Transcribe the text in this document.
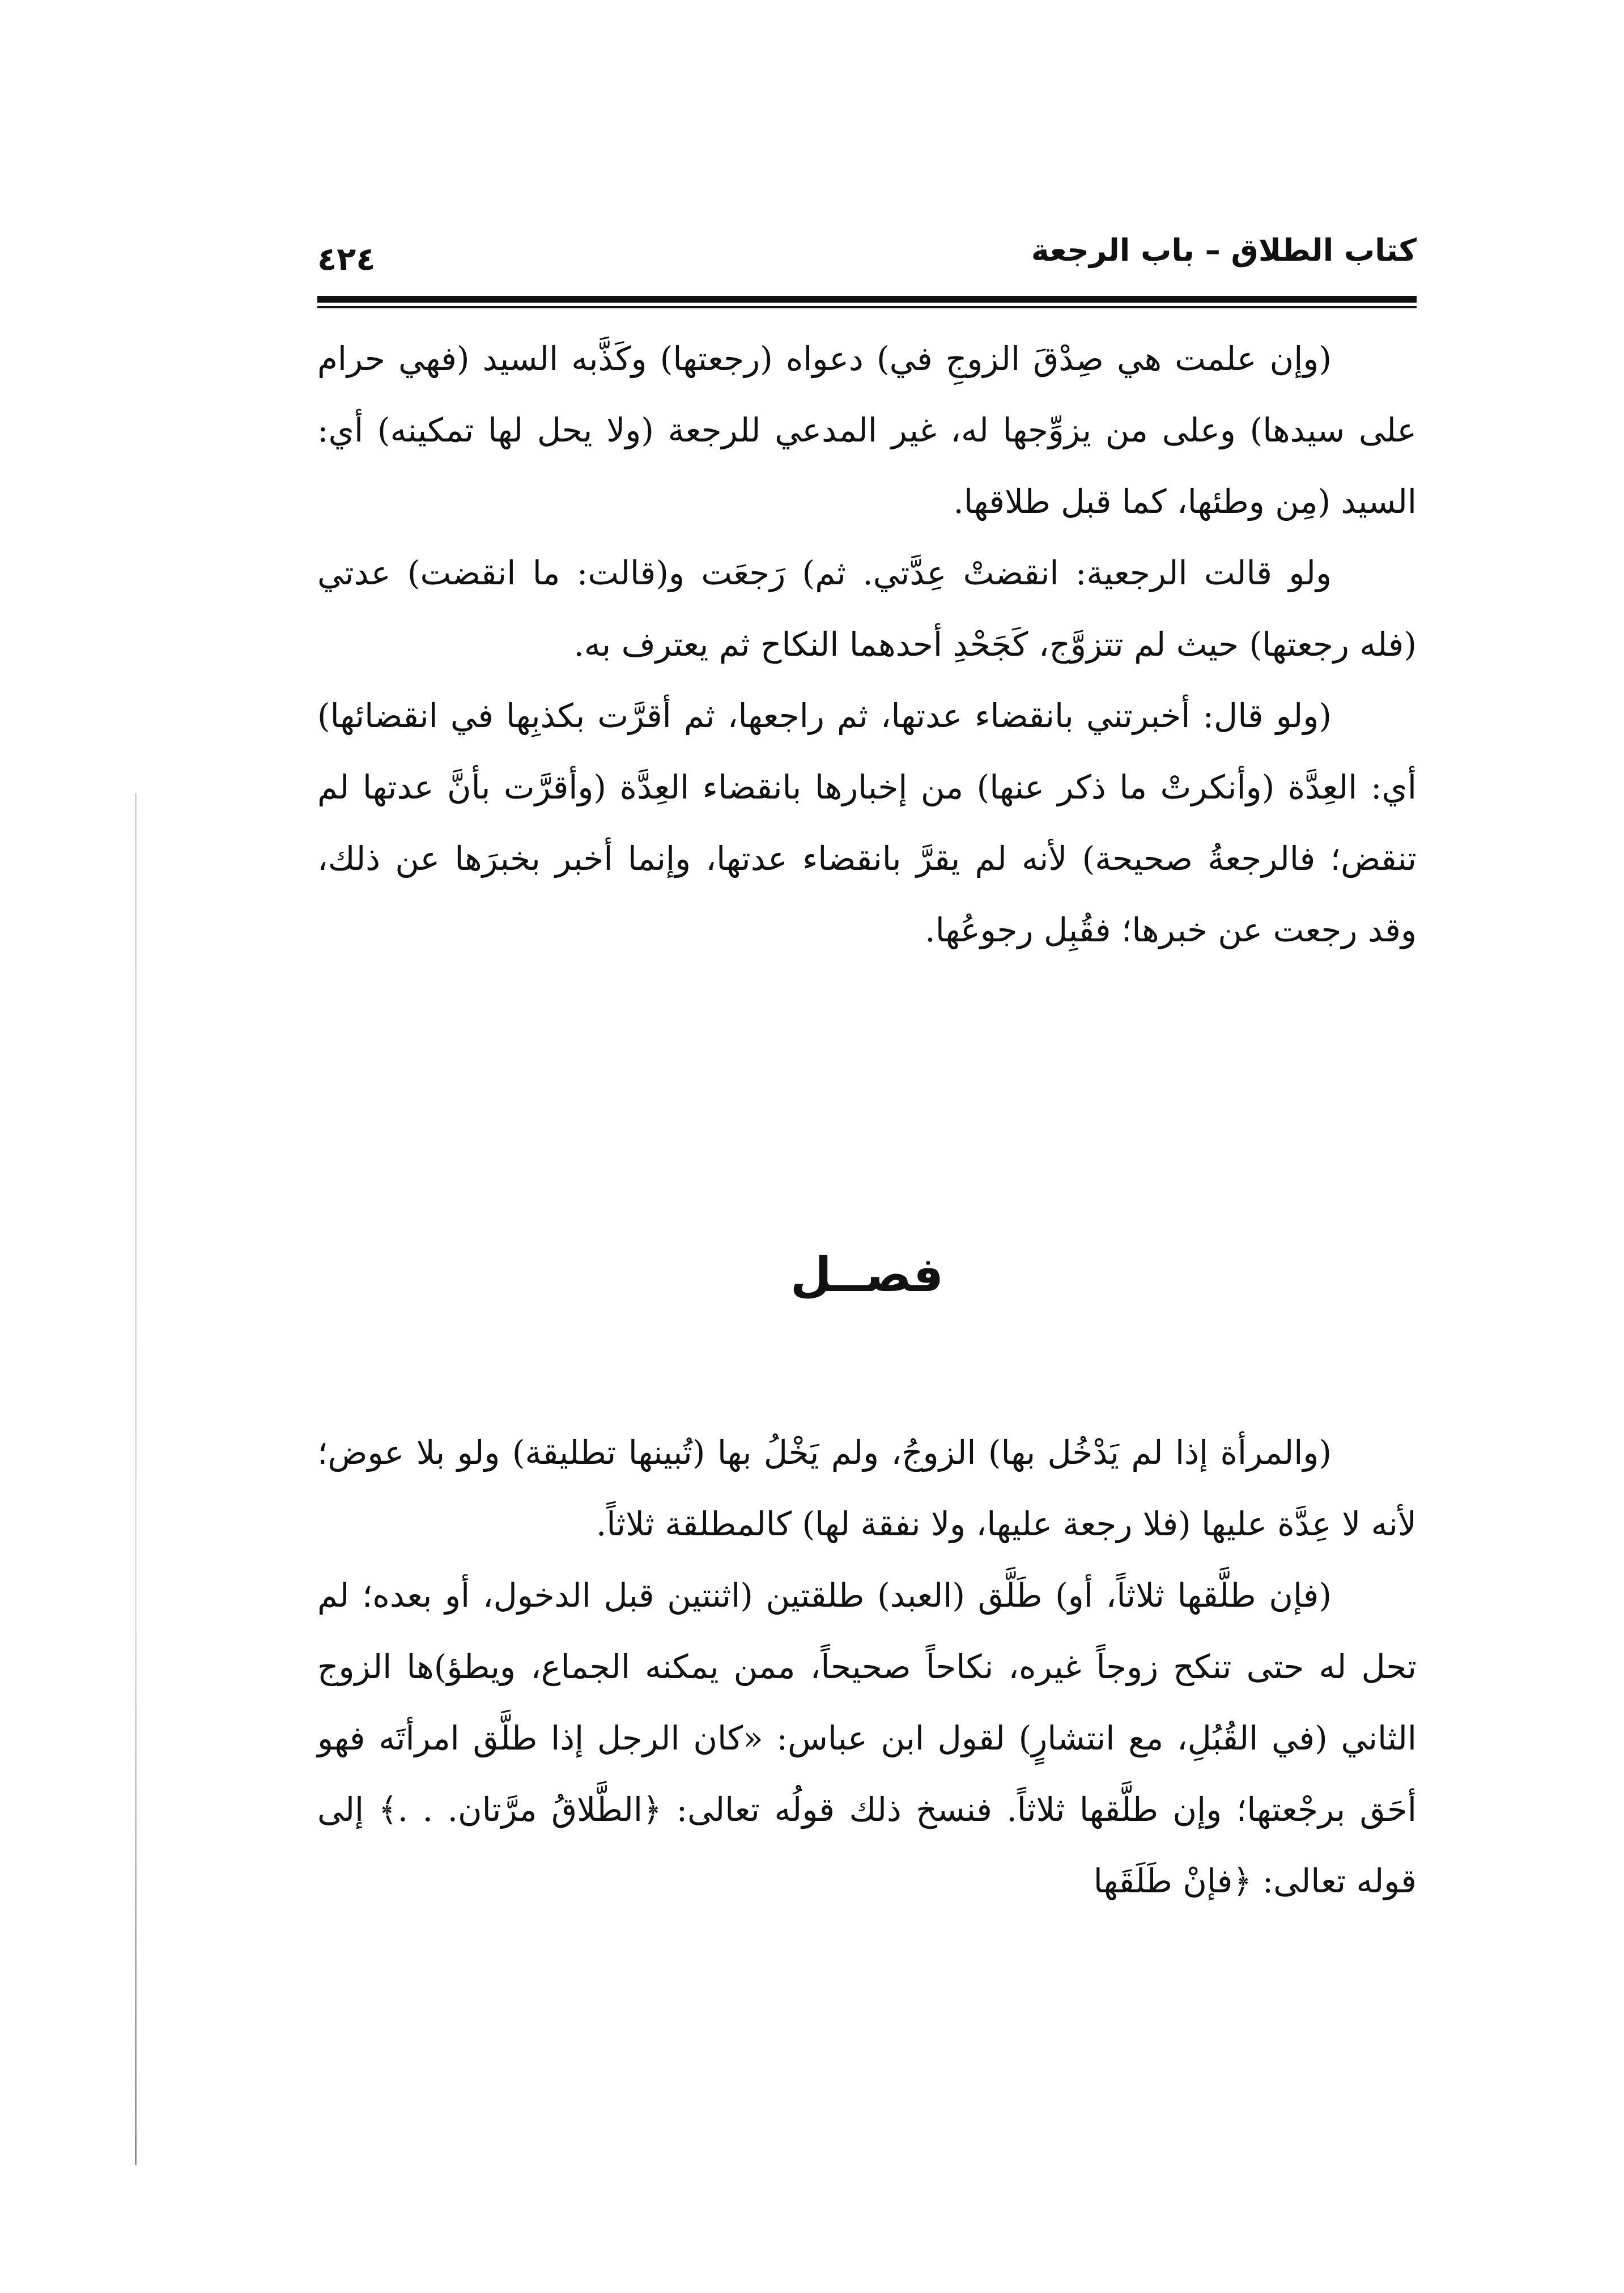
٤٢٤	كتاب الطلاق – باب الرجعة

(وإن علمت هي صِدْقَ الزوجِ في) دعواه (رجعتها) وكَذَّبه السيد (فهي حرام على سيدها) وعلى من يزوِّجها له، غير المدعي للرجعة (ولا يحل لها تمكينه) أي: السيد (مِن وطئها، كما قبل طلاقها.

ولو قالت الرجعية: انقضتْ عِدَّتي. ثم) رَجعَت و(قالت: ما انقضت) عدتي (فله رجعتها) حيث لم تتزوَّج، كَجَحْدِ أحدهما النكاح ثم يعترف به.

(ولو قال: أخبرتني بانقضاء عدتها، ثم راجعها، ثم أقرَّت بكذبِها في انقضائها) أي: العِدَّة (وأنكرتْ ما ذكر عنها) من إخبارها بانقضاء العِدَّة (وأقرَّت بأنَّ عدتها لم تنقض؛ فالرجعةُ صحيحة) لأنه لم يقرَّ بانقضاء عدتها، وإنما أخبر بخبرَها عن ذلك، وقد رجعت عن خبرها؛ فقُبِل رجوعُها.

فصــل

(والمرأة إذا لم يَدْخُل بها) الزوجُ، ولم يَخْلُ بها (تُبينها تطليقة) ولو بلا عوض؛ لأنه لا عِدَّة عليها (فلا رجعة عليها، ولا نفقة لها) كالمطلقة ثلاثاً.

(فإن طلَّقها ثلاثاً، أو) طَلَّق (العبد) طلقتين (اثنتين قبل الدخول، أو بعده؛ لم تحل له حتى تنكح زوجاً غيره، نكاحاً صحيحاً، ممن يمكنه الجماع، ويطؤ)ها الزوج الثاني (في القُبُلِ، مع انتشارٍ) لقول ابن عباس: «كان الرجل إذا طلَّق امرأتَه فهو أحَق برجْعتها؛ وإن طلَّقها ثلاثاً. فنسخ ذلك قولُه تعالى: ﴿الطَّلاقُ مرَّتان. . .﴾ إلى قوله تعالى: ﴿فإنْ طَلَقَها
